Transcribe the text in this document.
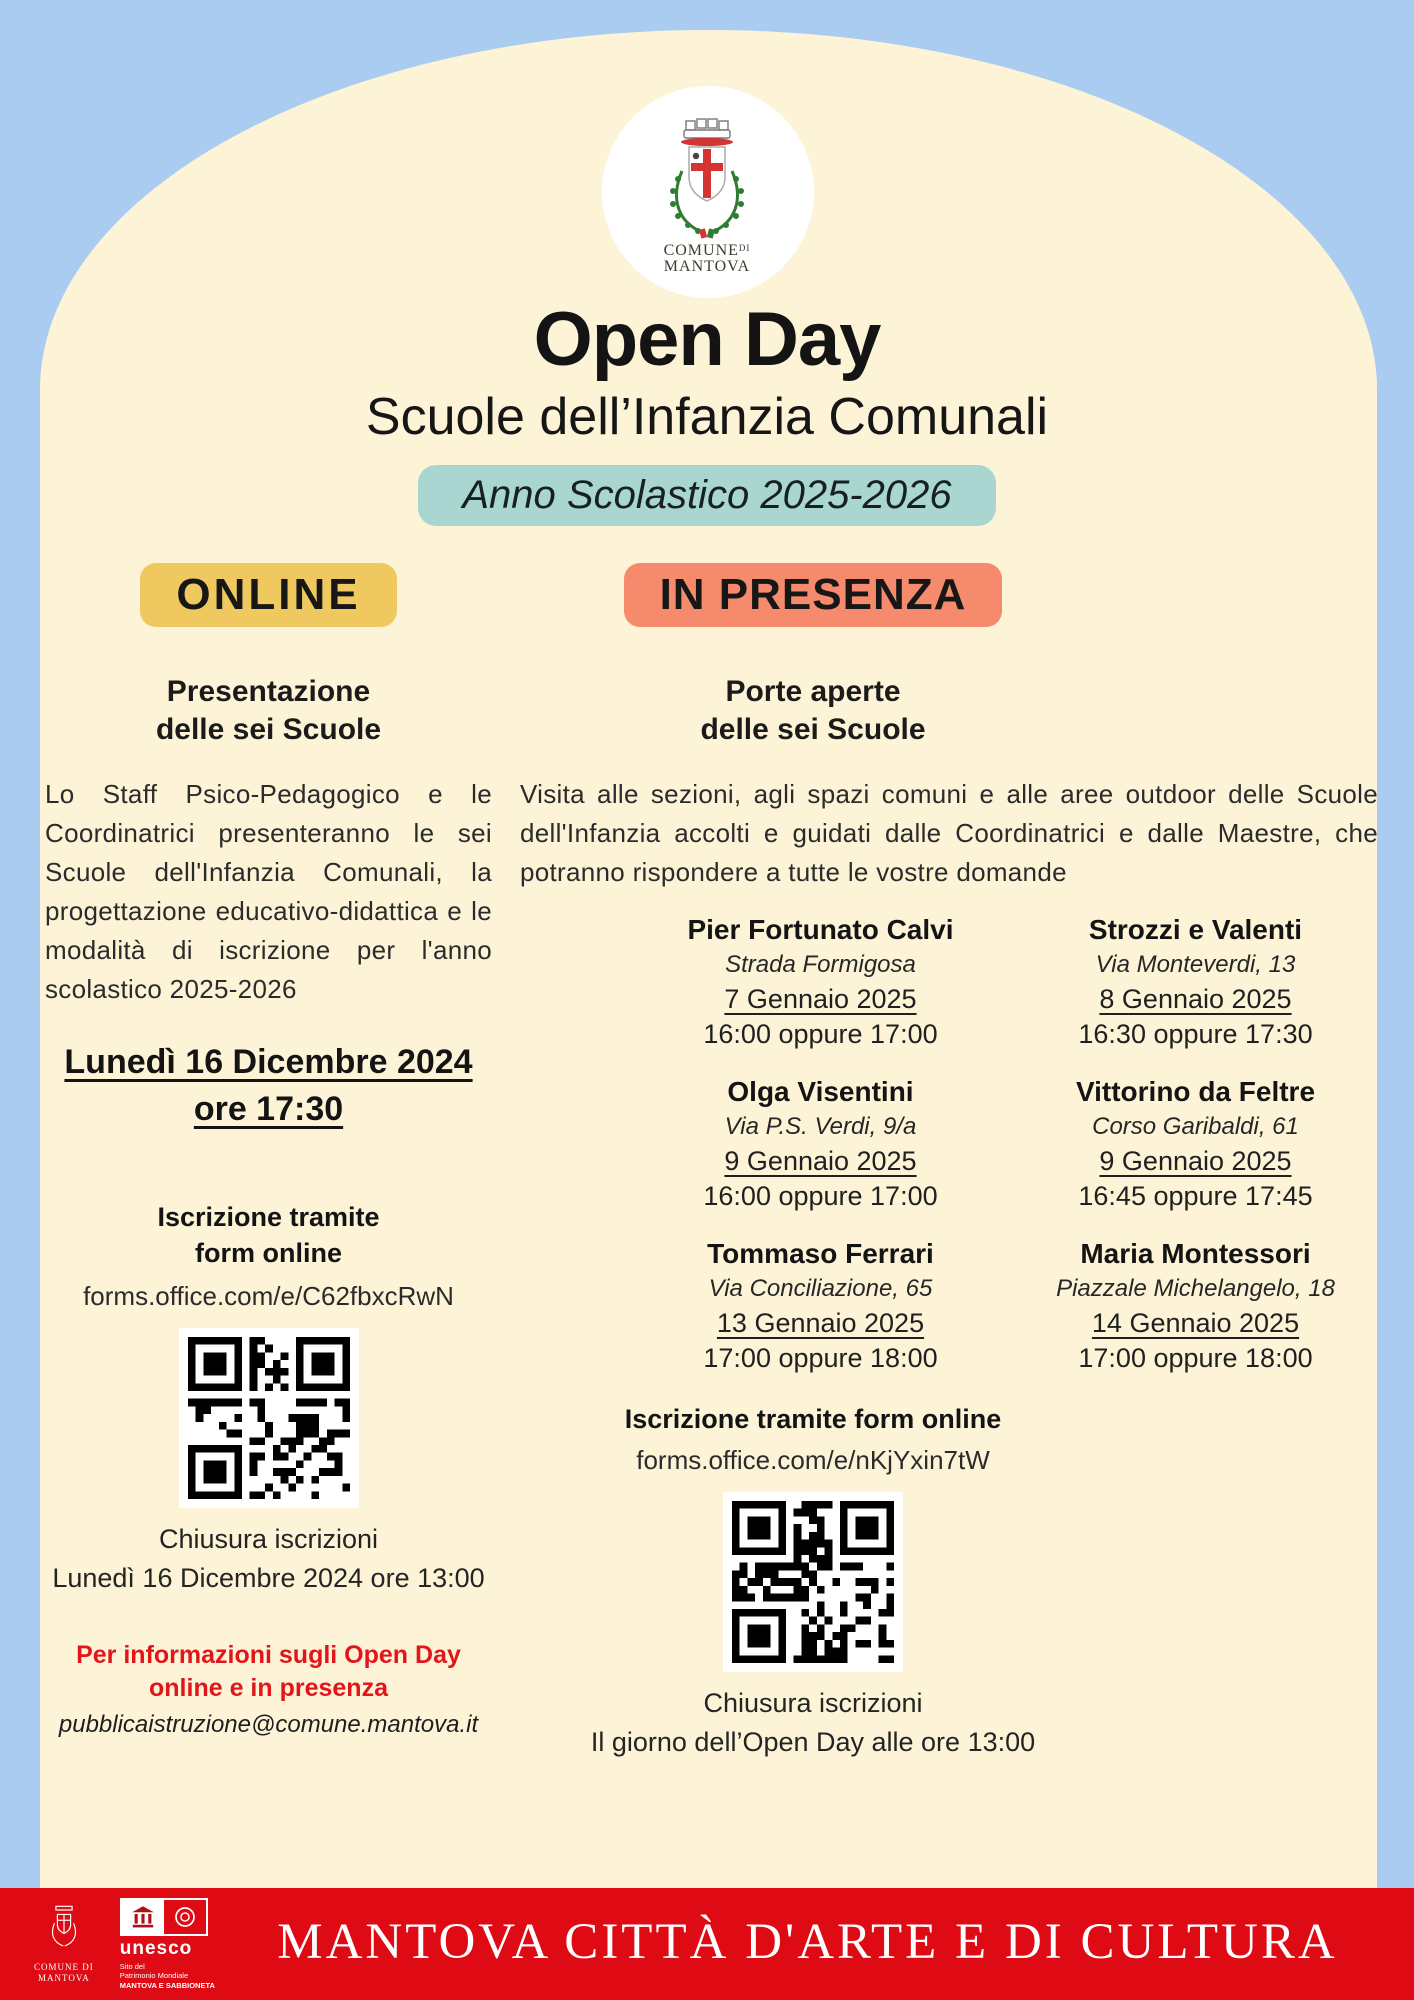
$COMUNE^{DI}$
MANTOVA
Open Day
Scuole dell’Infanzia Comunali
Anno Scolastico 2025-2026
ONLINE
Presentazione
delle sei Scuole
Lo Staff Psico-Pedagogico e le Coordinatrici presenteranno le sei Scuole dell'Infanzia Comunali, la progettazione educativo-didattica e le modalità di iscrizione per l'anno scolastico 2025-2026
Lunedì 16 Dicembre 2024
ore 17:30
Iscrizione tramite
form online
forms.office.com/e/C62fbxcRwN
Chiusura iscrizioni
Lunedì 16 Dicembre 2024 ore 13:00
Per informazioni sugli Open Day
online e in presenza
pubblicaistruzione@comune.mantova.it
IN PRESENZA
Porte aperte
delle sei Scuole
Visita alle sezioni, agli spazi comuni e alle aree outdoor delle Scuole dell'Infanzia accolti e guidati dalle Coordinatrici e dalle Maestre, che potranno rispondere a tutte le vostre domande
Pier Fortunato Calvi
Strada Formigosa
7 Gennaio 2025
16:00 oppure 17:00
Strozzi e Valenti
Via Monteverdi, 13
8 Gennaio 2025
16:30 oppure 17:30
Olga Visentini
Via P.S. Verdi, 9/a
9 Gennaio 2025
16:00 oppure 17:00
Vittorino da Feltre
Corso Garibaldi, 61
9 Gennaio 2025
16:45 oppure 17:45
Tommaso Ferrari
Via Conciliazione, 65
13 Gennaio 2025
17:00 oppure 18:00
Maria Montessori
Piazzale Michelangelo, 18
14 Gennaio 2025
17:00 oppure 18:00
Iscrizione tramite form online
forms.office.com/e/nKjYxin7tW
Chiusura iscrizioni
Il giorno dell’Open Day alle ore 13:00
COMUNE DI
MANTOVA
unesco
Sito del
Patrimonio Mondiale
MANTOVA E SABBIONETA
MANTOVA CITTÀ D'ARTE E DI CULTURA
